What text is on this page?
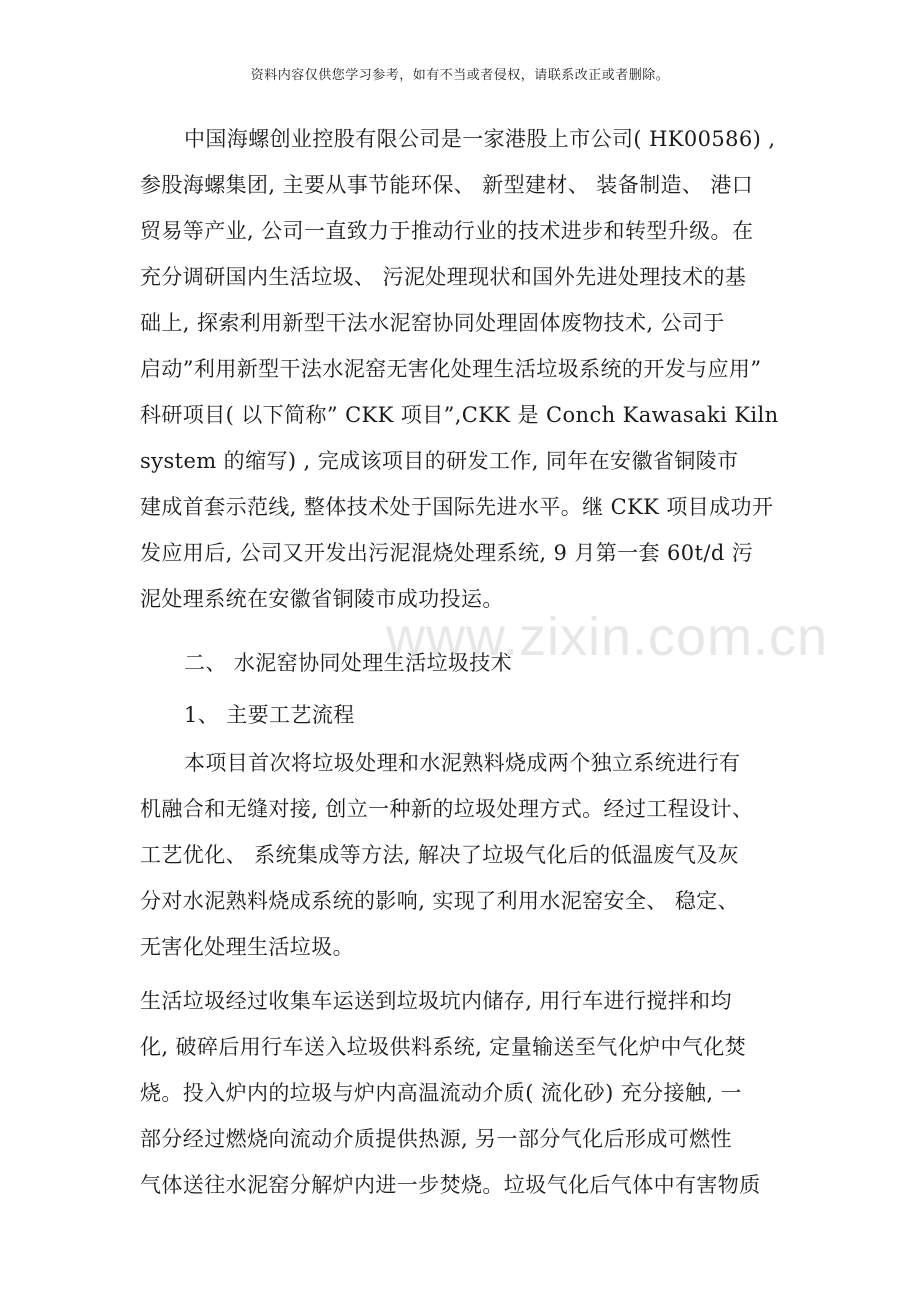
资料内容仅供您学习参考，如有不当或者侵权，请联系改正或者删除。
www.zixin.com.cn
中国海螺创业控股有限公司是一家港股上市公司( HK00586) ,
参股海螺集团, 主要从事节能环保、 新型建材、 装备制造、 港口
贸易等产业, 公司一直致力于推动行业的技术进步和转型升级。在
充分调研国内生活垃圾、 污泥处理现状和国外先进处理技术的基
础上, 探索利用新型干法水泥窑协同处理固体废物技术, 公司于
启动”利用新型干法水泥窑无害化处理生活垃圾系统的开发与应用”
科研项目( 以下简称” CKK 项目”,CKK 是 Conch Kawasaki Kiln
system 的缩写) , 完成该项目的研发工作, 同年在安徽省铜陵市
建成首套示范线, 整体技术处于国际先进水平。继 CKK 项目成功开
发应用后, 公司又开发出污泥混烧处理系统, 9 月第一套 60t/d 污
泥处理系统在安徽省铜陵市成功投运。
二、 水泥窑协同处理生活垃圾技术
1、 主要工艺流程
本项目首次将垃圾处理和水泥熟料烧成两个独立系统进行有
机融合和无缝对接, 创立一种新的垃圾处理方式。经过工程设计、
工艺优化、 系统集成等方法, 解决了垃圾气化后的低温废气及灰
分对水泥熟料烧成系统的影响, 实现了利用水泥窑安全、 稳定、
无害化处理生活垃圾。
生活垃圾经过收集车运送到垃圾坑内储存, 用行车进行搅拌和均
化, 破碎后用行车送入垃圾供料系统, 定量输送至气化炉中气化焚
烧。投入炉内的垃圾与炉内高温流动介质( 流化砂) 充分接触, 一
部分经过燃烧向流动介质提供热源, 另一部分气化后形成可燃性
气体送往水泥窑分解炉内进一步焚烧。垃圾气化后气体中有害物质
